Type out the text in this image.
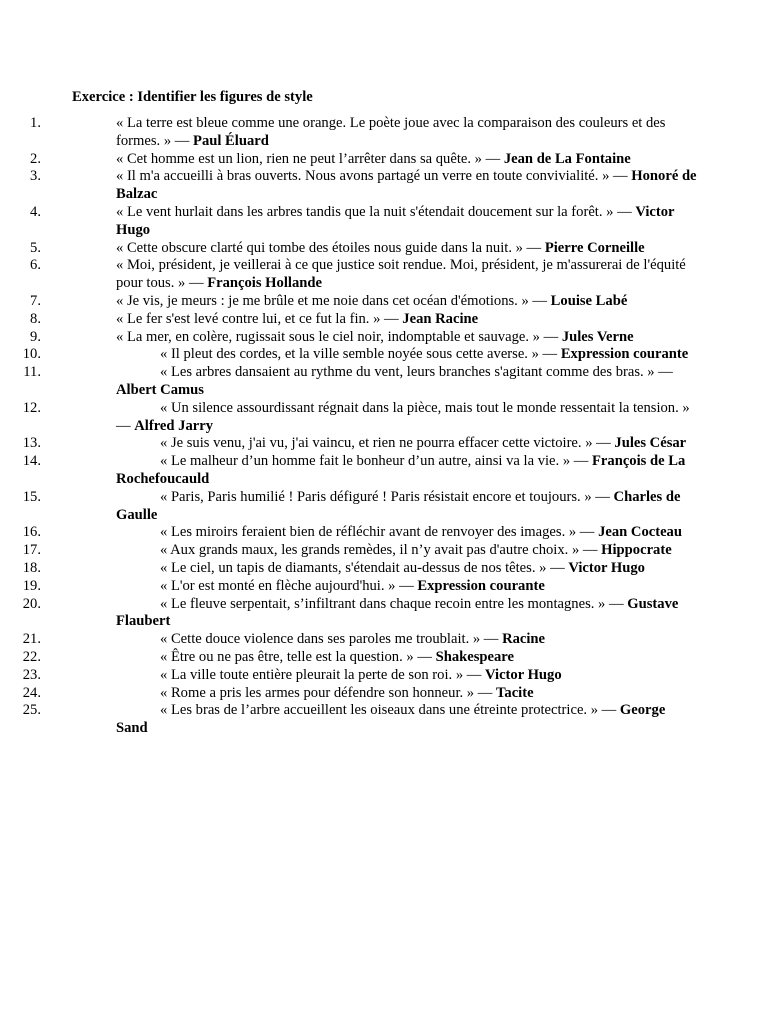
Exercice : Identifier les figures de style
1.	« La terre est bleue comme une orange. Le poète joue avec la comparaison des couleurs et des formes. » — Paul Éluard
2.	« Cet homme est un lion, rien ne peut l’arrêter dans sa quête. » — Jean de La Fontaine
3.	« Il m'a accueilli à bras ouverts. Nous avons partagé un verre en toute convivialité. » — Honoré de Balzac
4.	« Le vent hurlait dans les arbres tandis que la nuit s'étendait doucement sur la forêt. » — Victor Hugo
5.	« Cette obscure clarté qui tombe des étoiles nous guide dans la nuit. » — Pierre Corneille
6.	« Moi, président, je veillerai à ce que justice soit rendue. Moi, président, je m'assurerai de l'équité pour tous. » — François Hollande
7.	« Je vis, je meurs : je me brûle et me noie dans cet océan d'émotions. » — Louise Labé
8.	« Le fer s'est levé contre lui, et ce fut la fin. » — Jean Racine
9.	« La mer, en colère, rugissait sous le ciel noir, indomptable et sauvage. » — Jules Verne
10.	« Il pleut des cordes, et la ville semble noyée sous cette averse. » — Expression courante
11.	« Les arbres dansaient au rythme du vent, leurs branches s'agitant comme des bras. » — Albert Camus
12.	« Un silence assourdissant régnait dans la pièce, mais tout le monde ressentait la tension. » — Alfred Jarry
13.	« Je suis venu, j'ai vu, j'ai vaincu, et rien ne pourra effacer cette victoire. » — Jules César
14.	« Le malheur d’un homme fait le bonheur d’un autre, ainsi va la vie. » — François de La Rochefoucauld
15.	« Paris, Paris humilié ! Paris défiguré ! Paris résistait encore et toujours. » — Charles de Gaulle
16.	« Les miroirs feraient bien de réfléchir avant de renvoyer des images. » — Jean Cocteau
17.	« Aux grands maux, les grands remèdes, il n’y avait pas d'autre choix. » — Hippocrate
18.	« Le ciel, un tapis de diamants, s'étendait au-dessus de nos têtes. » — Victor Hugo
19.	« L'or est monté en flèche aujourd'hui. » — Expression courante
20.	« Le fleuve serpentait, s’infiltrant dans chaque recoin entre les montagnes. » — Gustave Flaubert
21.	« Cette douce violence dans ses paroles me troublait. » — Racine
22.	« Être ou ne pas être, telle est la question. » — Shakespeare
23.	« La ville toute entière pleurait la perte de son roi. » — Victor Hugo
24.	« Rome a pris les armes pour défendre son honneur. » — Tacite
25.	« Les bras de l’arbre accueillent les oiseaux dans une étreinte protectrice. » — George Sand
